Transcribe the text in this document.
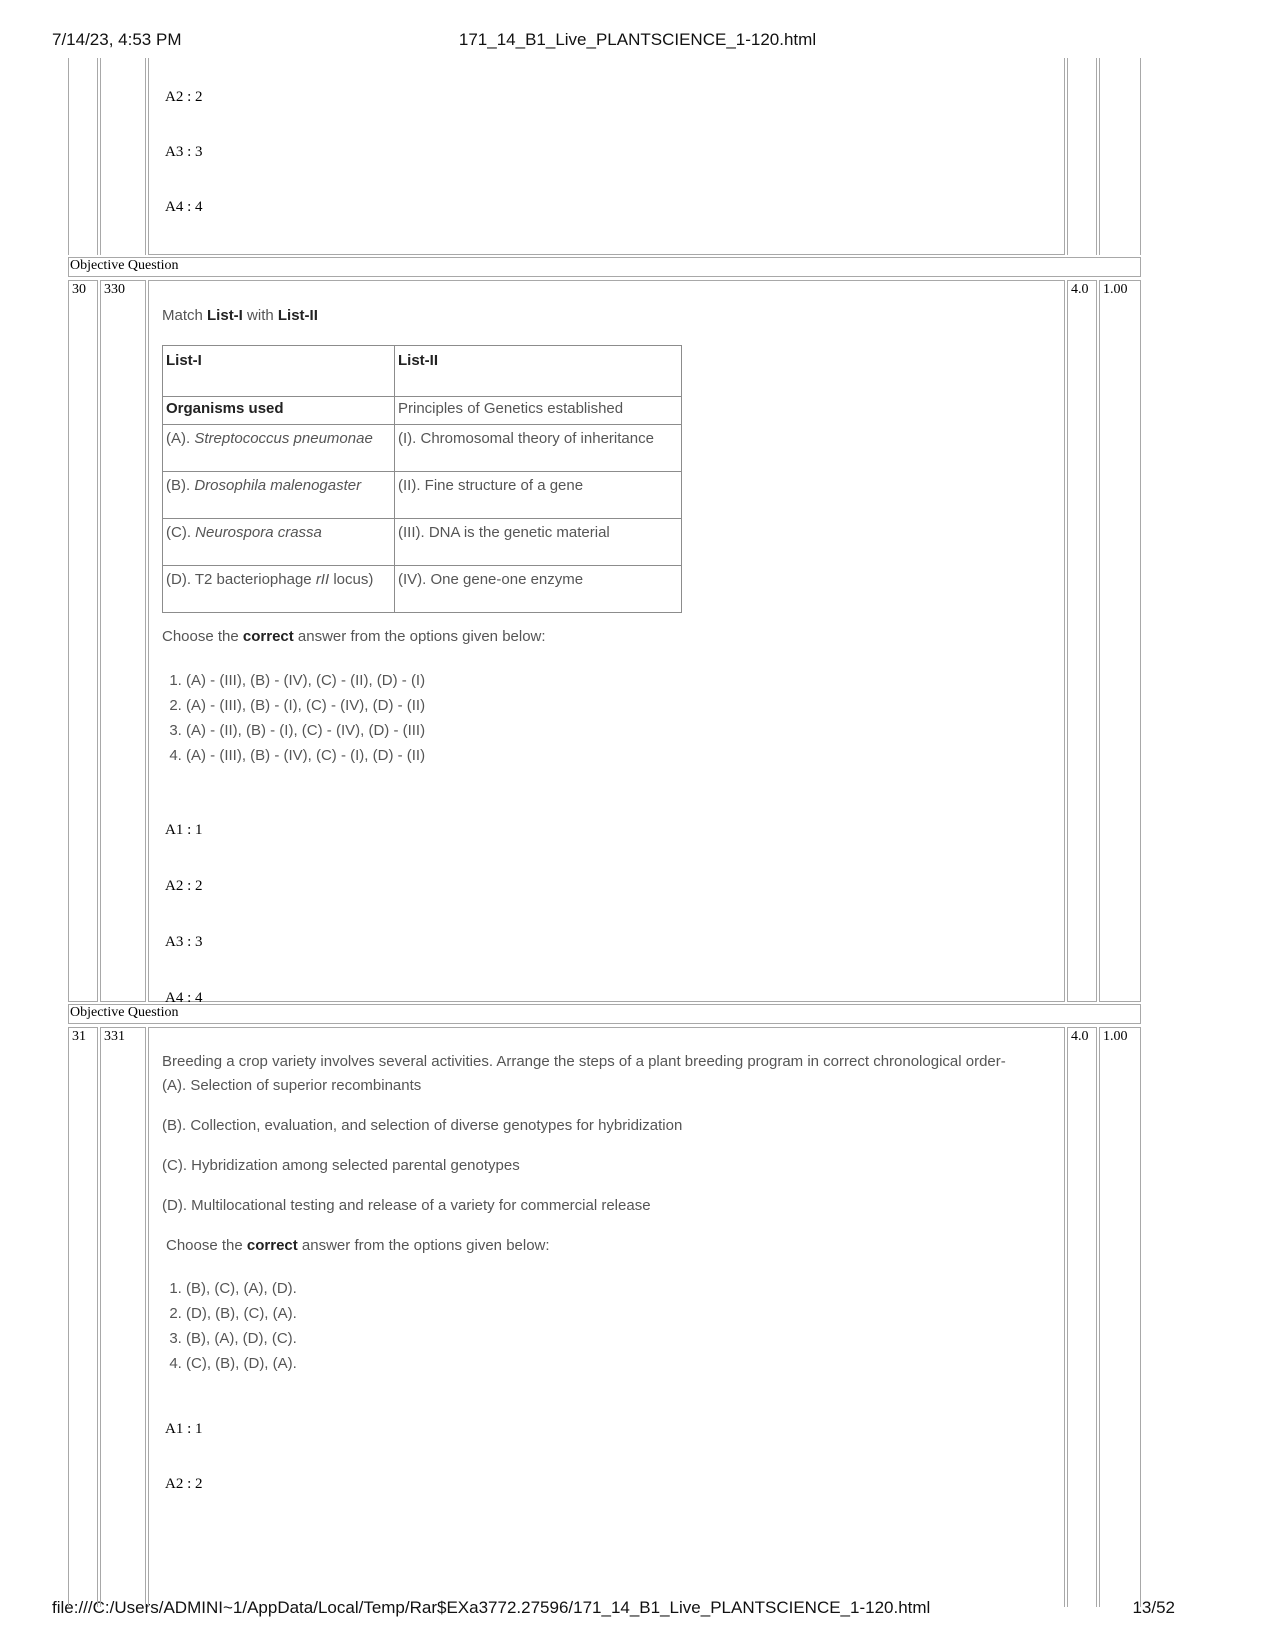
7/14/23, 4:53 PM	171_14_B1_Live_PLANTSCIENCE_1-120.html
file:///C:/Users/ADMINI~1/AppData/Local/Temp/Rar$EXa3772.27596/171_14_B1_Live_PLANTSCIENCE_1-120.html	13/52
A2 : 2
A3 : 3
A4 : 4
Objective Question
30	330	4.0	1.00
Match List-I with List-II
List-I	List-II
Organisms used	Principles of Genetics established
(A). Streptococcus pneumonae	(I). Chromosomal theory of inheritance
(B). Drosophila malenogaster	(II). Fine structure of a gene
(C). Neurospora crassa	(III). DNA is the genetic material
(D). T2 bacteriophage rII locus)	(IV). One gene-one enzyme
Choose the correct answer from the options given below:
1. (A) - (III), (B) - (IV), (C) - (II), (D) - (I)
2. (A) - (III), (B) - (I), (C) - (IV), (D) - (II)
3. (A) - (II), (B) - (I), (C) - (IV), (D) - (III)
4. (A) - (III), (B) - (IV), (C) - (I), (D) - (II)
A1 : 1
A2 : 2
A3 : 3
A4 : 4
Objective Question
31	331	4.0	1.00
Breeding a crop variety involves several activities. Arrange the steps of a plant breeding program in correct chronological order-
(A). Selection of superior recombinants
(B). Collection, evaluation, and selection of diverse genotypes for hybridization
(C). Hybridization among selected parental genotypes
(D). Multilocational testing and release of a variety for commercial release
Choose the correct answer from the options given below:
1. (B), (C), (A), (D).
2. (D), (B), (C), (A).
3. (B), (A), (D), (C).
4. (C), (B), (D), (A).
A1 : 1
A2 : 2
